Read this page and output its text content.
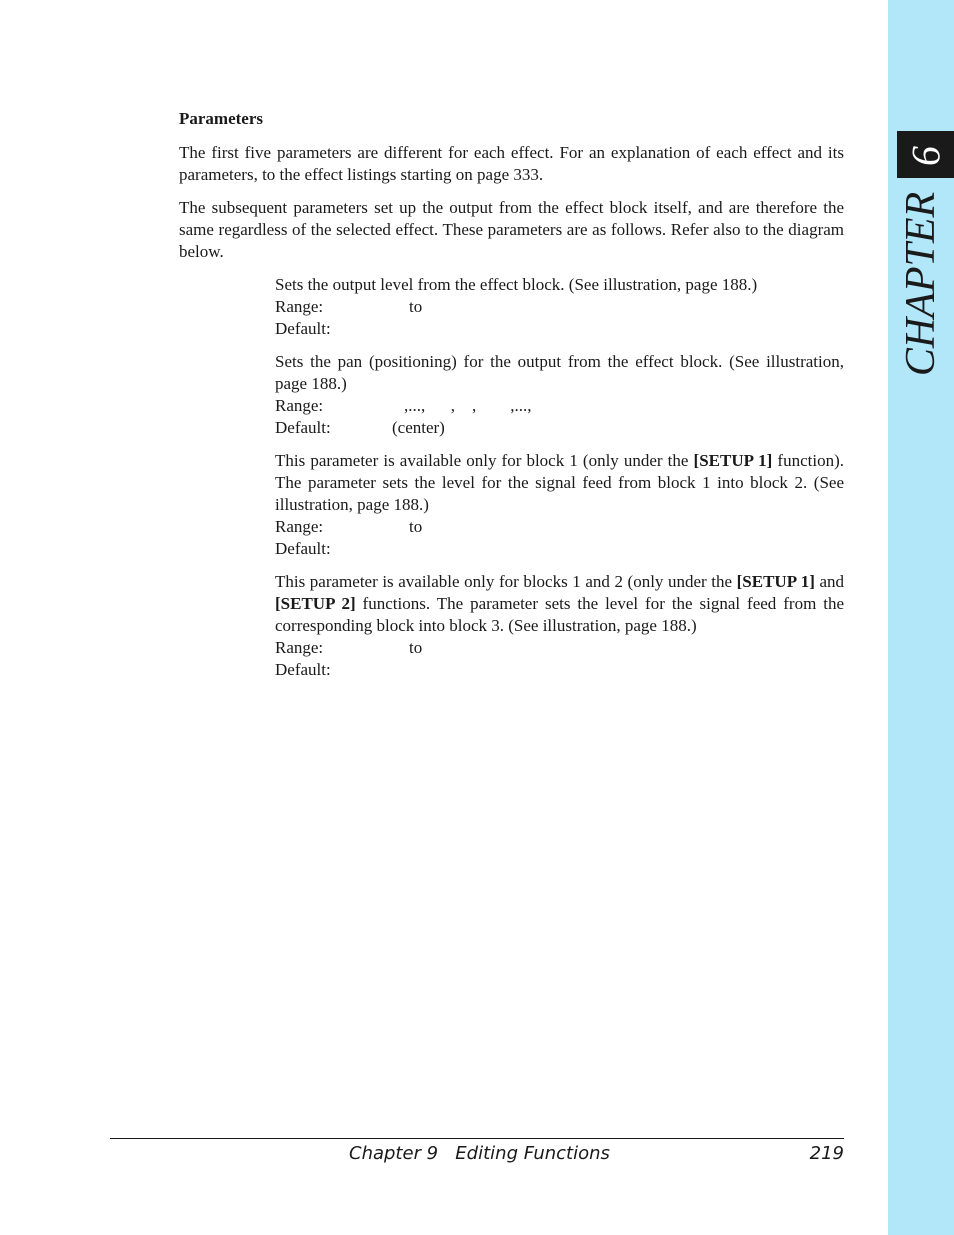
9
CHAPTER
Parameters

The first five parameters are different for each effect. For an explanation of each effect and its parameters, to the effect listings starting on page 333.

The subsequent parameters set up the output from the effect block itself, and are therefore the same regardless of the selected effect. These parameters are as follows. Refer also to the diagram below.

Sets the output level from the effect block. (See illustration, page 188.)

Range:	to
Default:

Sets the pan (positioning) for the output from the effect block. (See illustration, page 188.)

Range:	,...,      ,    ,        ,...,
Default:	(center)

This parameter is available only for block 1 (only under the [SETUP 1] function). The parameter sets the level for the signal feed from block 1 into block 2. (See illustration, page 188.)

Range:	to
Default:

This parameter is available only for blocks 1 and 2 (only under the [SETUP 1] and [SETUP 2] functions. The parameter sets the level for the signal feed from the corresponding block into block 3. (See illustration, page 188.)

Range:	to
Default:
Chapter 9   Editing Functions	219
